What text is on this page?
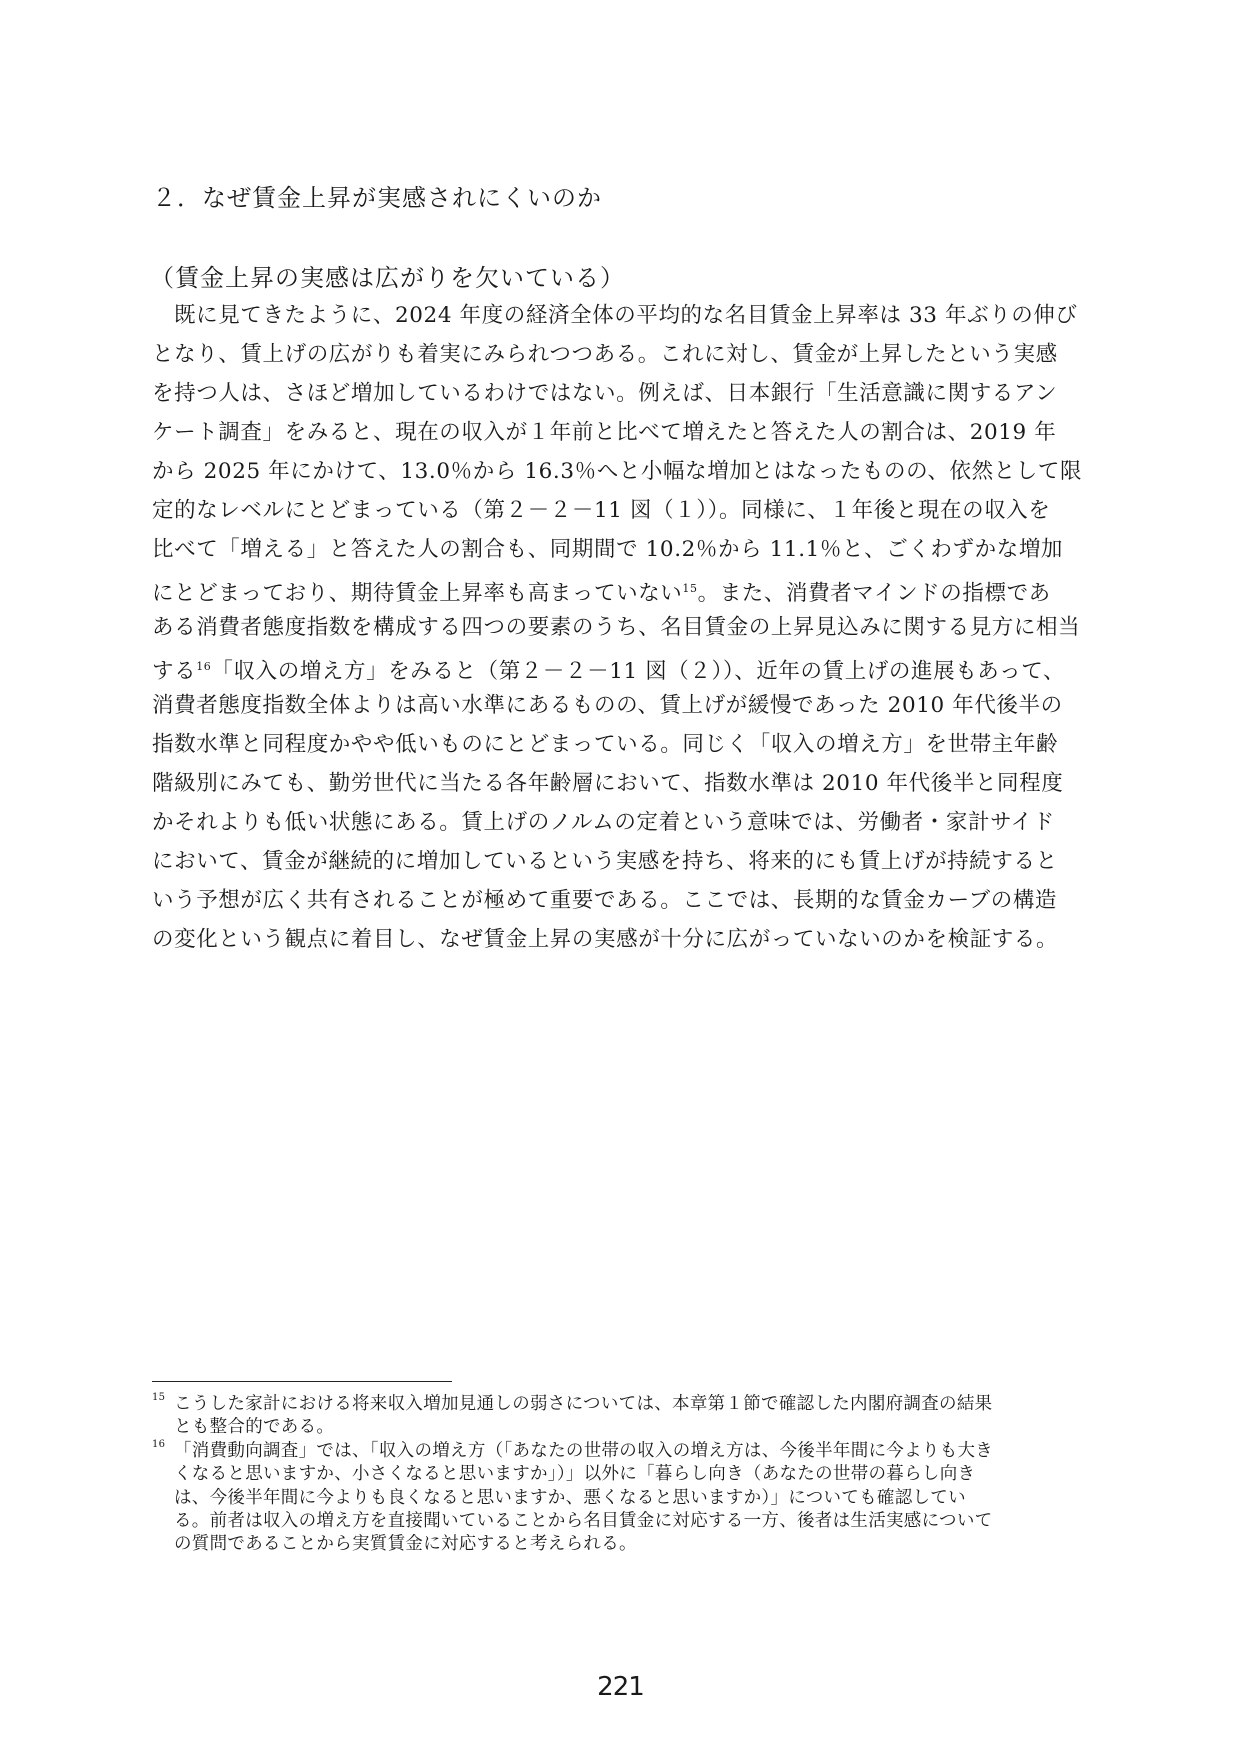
２．なぜ賃金上昇が実感されにくいのか
（賃金上昇の実感は広がりを欠いている）
既に見てきたように、2024 年度の経済全体の平均的な名目賃金上昇率は 33 年ぶりの伸び
となり、賃上げの広がりも着実にみられつつある。これに対し、賃金が上昇したという実感
を持つ人は、さほど増加しているわけではない。例えば、日本銀行「生活意識に関するアン
ケート調査」をみると、現在の収入が１年前と比べて増えたと答えた人の割合は、2019 年
から 2025 年にかけて、13.0％から 16.3％へと小幅な増加とはなったものの、依然として限
定的なレベルにとどまっている（第２－２－11 図（１））。同様に、１年後と現在の収入を
比べて「増える」と答えた人の割合も、同期間で 10.2％から 11.1％と、ごくわずかな増加
にとどまっており、期待賃金上昇率も高まっていない$^{15}$。また、消費者マインドの指標であ
ある消費者態度指数を構成する四つの要素のうち、名目賃金の上昇見込みに関する見方に相当
する$^{16}$「収入の増え方」をみると（第２－２－11 図（２））、近年の賃上げの進展もあって、
消費者態度指数全体よりは高い水準にあるものの、賃上げが緩慢であった 2010 年代後半の
指数水準と同程度かやや低いものにとどまっている。同じく「収入の増え方」を世帯主年齢
階級別にみても、勤労世代に当たる各年齢層において、指数水準は 2010 年代後半と同程度
かそれよりも低い状態にある。賃上げのノルムの定着という意味では、労働者・家計サイド
において、賃金が継続的に増加しているという実感を持ち、将来的にも賃上げが持続すると
いう予想が広く共有されることが極めて重要である。ここでは、長期的な賃金カーブの構造
の変化という観点に着目し、なぜ賃金上昇の実感が十分に広がっていないのかを検証する。
15 こうした家計における将来収入増加見通しの弱さについては、本章第１節で確認した内閣府調査の結果
とも整合的である。
16 「消費動向調査」では、「収入の増え方（「あなたの世帯の収入の増え方は、今後半年間に今よりも大き
くなると思いますか、小さくなると思いますか」）」以外に「暮らし向き（あなたの世帯の暮らし向き
は、今後半年間に今よりも良くなると思いますか、悪くなると思いますか）」についても確認してい
る。前者は収入の増え方を直接聞いていることから名目賃金に対応する一方、後者は生活実感について
の質問であることから実質賃金に対応すると考えられる。
221
